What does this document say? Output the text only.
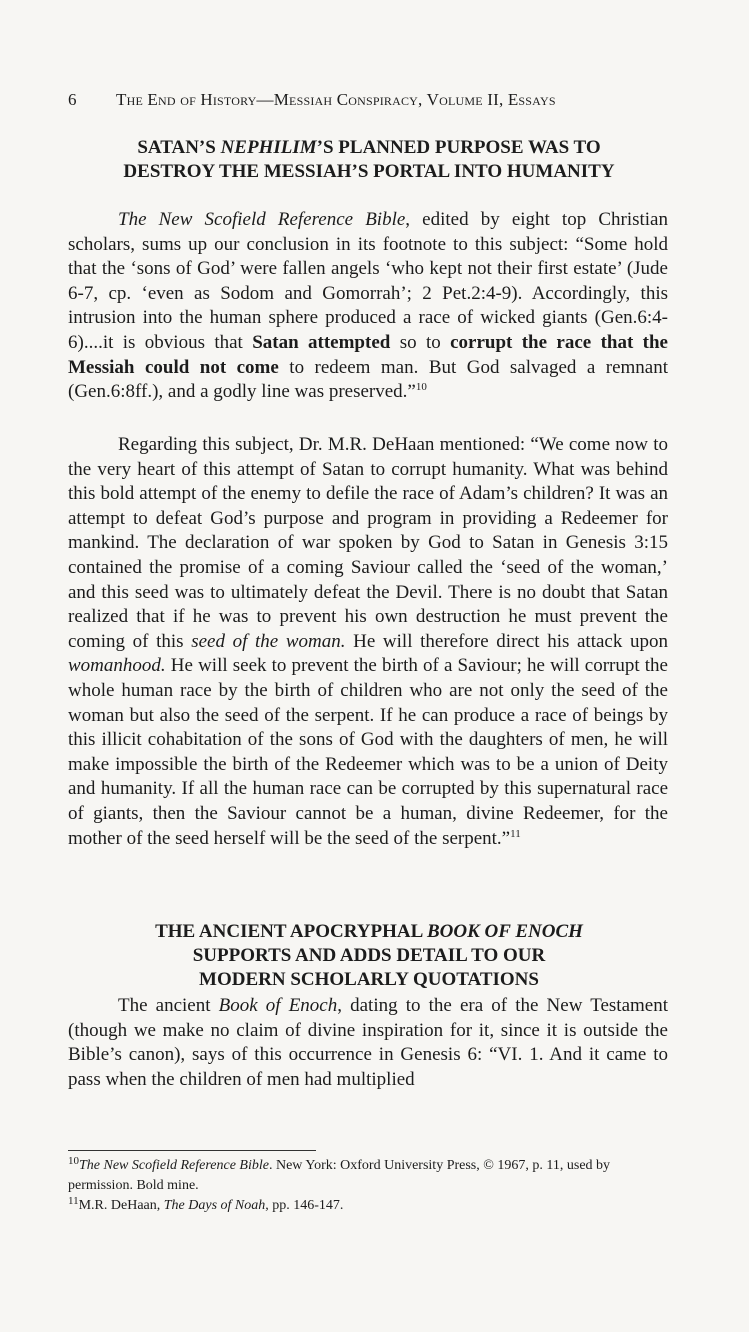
6 The End of History—Messiah Conspiracy, Volume II, Essays
SATAN’S NEPHILIM’S PLANNED PURPOSE WAS TO
DESTROY THE MESSIAH’S PORTAL INTO HUMANITY

The New Scofield Reference Bible, edited by eight top Christian scholars, sums up our conclusion in its footnote to this subject: “Some hold that the ‘sons of God’ were fallen angels ‘who kept not their first estate’ (Jude 6-7, cp. ‘even as Sodom and Gomorrah’; 2 Pet.2:4-9). Accordingly, this intrusion into the human sphere produced a race of wicked giants (Gen.6:4-6)....it is obvious that Satan attempted so to corrupt the race that the Messiah could not come to redeem man. But God salvaged a remnant (Gen.6:8ff.), and a godly line was preserved.”$^{10}$

Regarding this subject, Dr. M.R. DeHaan mentioned: “We come now to the very heart of this attempt of Satan to corrupt humanity. What was behind this bold attempt of the enemy to defile the race of Adam’s children? It was an attempt to defeat God’s purpose and program in providing a Redeemer for mankind. The declaration of war spoken by God to Satan in Genesis 3:15 contained the promise of a coming Saviour called the ‘seed of the woman,’ and this seed was to ultimately defeat the Devil. There is no doubt that Satan realized that if he was to prevent his own destruction he must prevent the coming of this seed of the woman. He will therefore direct his attack upon womanhood. He will seek to prevent the birth of a Saviour; he will corrupt the whole human race by the birth of children who are not only the seed of the woman but also the seed of the serpent. If he can produce a race of beings by this illicit cohabitation of the sons of God with the daughters of men, he will make impossible the birth of the Redeemer which was to be a union of Deity and humanity. If all the human race can be corrupted by this supernatural race of giants, then the Saviour cannot be a human, divine Redeemer, for the mother of the seed herself will be the seed of the serpent.”$^{11}$

THE ANCIENT APOCRYPHAL BOOK OF ENOCH
SUPPORTS AND ADDS DETAIL TO OUR
MODERN SCHOLARLY QUOTATIONS

The ancient Book of Enoch, dating to the era of the New Testament (though we make no claim of divine inspiration for it, since it is outside the Bible’s canon), says of this occurrence in Genesis 6: “VI. 1. And it came to pass when the children of men had multiplied

$^{10}$The New Scofield Reference Bible. New York: Oxford University Press, © 1967, p. 11, used by permission. Bold mine.
$^{11}$M.R. DeHaan, The Days of Noah, pp. 146-147.
